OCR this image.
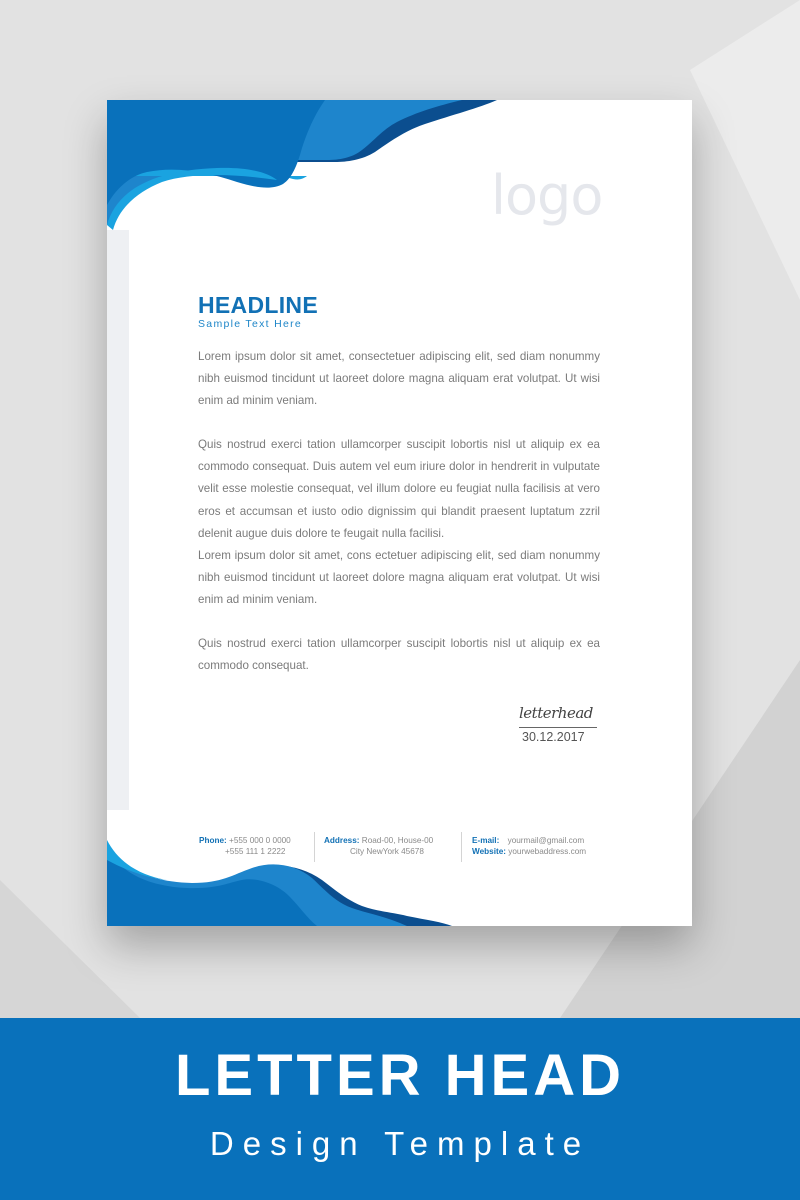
logo
HEADLINE
Sample Text Here

Lorem ipsum dolor sit amet, consectetuer adipiscing elit, sed diam nonummy nibh euismod tincidunt ut laoreet dolore magna aliquam erat volutpat. Ut wisi enim ad minim veniam.

Quis nostrud exerci tation ullamcorper suscipit lobortis nisl ut aliquip ex ea commodo consequat. Duis autem vel eum iriure dolor in hendrerit in vulputate velit esse molestie consequat, vel illum dolore eu feugiat nulla facilisis at vero eros et accumsan et iusto odio dignissim qui blandit praesent luptatum zzril delenit augue duis dolore te feugait nulla facilisi.

Lorem ipsum dolor sit amet, cons ectetuer adipiscing elit, sed diam nonummy nibh euismod tincidunt ut laoreet dolore magna aliquam erat volutpat. Ut wisi enim ad minim veniam.

Quis nostrud exerci tation ullamcorper suscipit lobortis nisl ut aliquip ex ea commodo consequat.

letterhead
30.12.2017
Phone: +555 000 0 0000
+555 111 1 2222
Address: Road-00, House-00
City NewYork 45678
E-mail: yourmail@gmail.com
Website: yourwebaddress.com
LETTER HEAD
Design Template
